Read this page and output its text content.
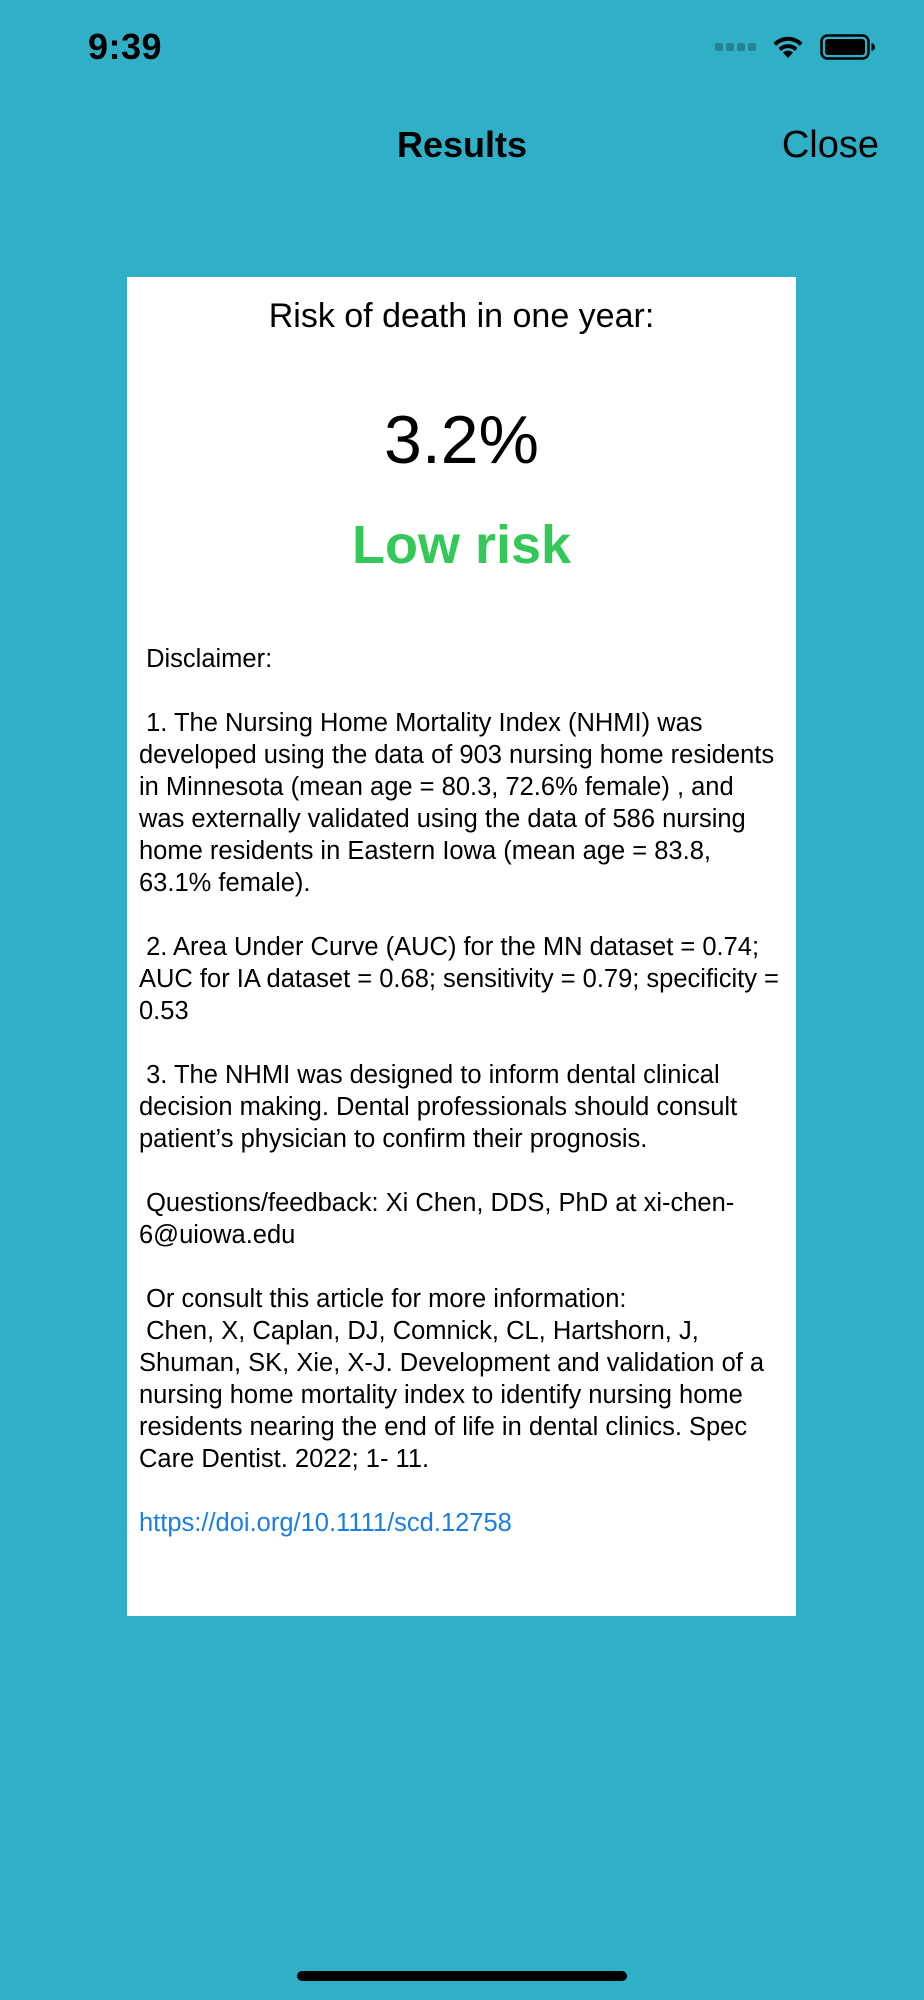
9:39
Results	Close
Risk of death in one year:
3.2%
Low risk

Disclaimer:

1. The Nursing Home Mortality Index (NHMI) was developed using the data of 903 nursing home residents in Minnesota (mean age = 80.3, 72.6% female) , and was externally validated using the data of 586 nursing home residents in Eastern Iowa (mean age = 83.8, 63.1% female).

2. Area Under Curve (AUC) for the MN dataset = 0.74; AUC for IA dataset = 0.68; sensitivity = 0.79; specificity = 0.53

3. The NHMI was designed to inform dental clinical decision making. Dental professionals should consult patient’s physician to confirm their prognosis.

Questions/feedback: Xi Chen, DDS, PhD at xi-chen-6@uiowa.edu

Or consult this article for more information:
Chen, X, Caplan, DJ, Comnick, CL, Hartshorn, J, Shuman, SK, Xie, X-J. Development and validation of a nursing home mortality index to identify nursing home residents nearing the end of life in dental clinics. Spec Care Dentist. 2022; 1- 11.

https://doi.org/10.1111/scd.12758
